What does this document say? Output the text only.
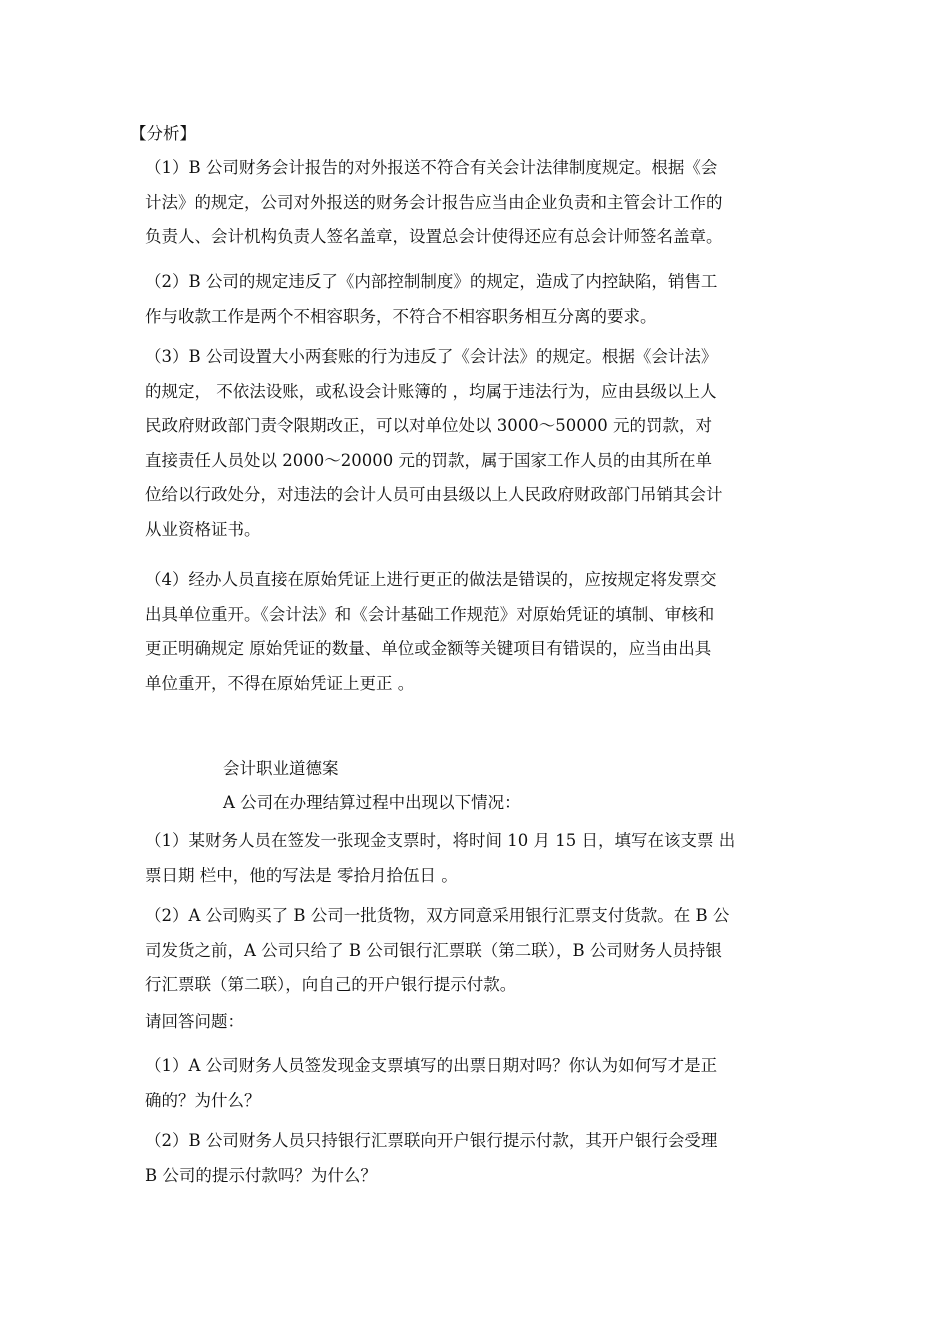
【分析】
（1）B 公司财务会计报告的对外报送不符合有关会计法律制度规定。根据《会
计法》的规定，公司对外报送的财务会计报告应当由企业负责和主管会计工作的
负责人、会计机构负责人签名盖章，设置总会计使得还应有总会计师签名盖章。
（2）B 公司的规定违反了《内部控制制度》的规定，造成了内控缺陷，销售工
作与收款工作是两个不相容职务，不符合不相容职务相互分离的要求。
（3）B 公司设置大小两套账的行为违反了《会计法》的规定。根据《会计法》
的规定， 不依法设账，或私设会计账簿的 ，均属于违法行为，应由县级以上人
民政府财政部门责令限期改正，可以对单位处以 3000～50000 元的罚款，对
直接责任人员处以 2000～20000 元的罚款，属于国家工作人员的由其所在单
位给以行政处分，对违法的会计人员可由县级以上人民政府财政部门吊销其会计
从业资格证书。
（4）经办人员直接在原始凭证上进行更正的做法是错误的，应按规定将发票交
出具单位重开。《会计法》和《会计基础工作规范》对原始凭证的填制、审核和
更正明确规定 原始凭证的数量、单位或金额等关键项目有错误的，应当由出具
单位重开，不得在原始凭证上更正 。
会计职业道德案
A 公司在办理结算过程中出现以下情况：
（1）某财务人员在签发一张现金支票时，将时间 10 月 15 日，填写在该支票 出
票日期 栏中，他的写法是 零拾月拾伍日 。
（2）A 公司购买了 B 公司一批货物，双方同意采用银行汇票支付货款。在 B 公
司发货之前，A 公司只给了 B 公司银行汇票联（第二联），B 公司财务人员持银
行汇票联（第二联），向自己的开户银行提示付款。
请回答问题：
（1）A 公司财务人员签发现金支票填写的出票日期对吗？你认为如何写才是正
确的？为什么？
（2）B 公司财务人员只持银行汇票联向开户银行提示付款，其开户银行会受理
B 公司的提示付款吗？为什么？
